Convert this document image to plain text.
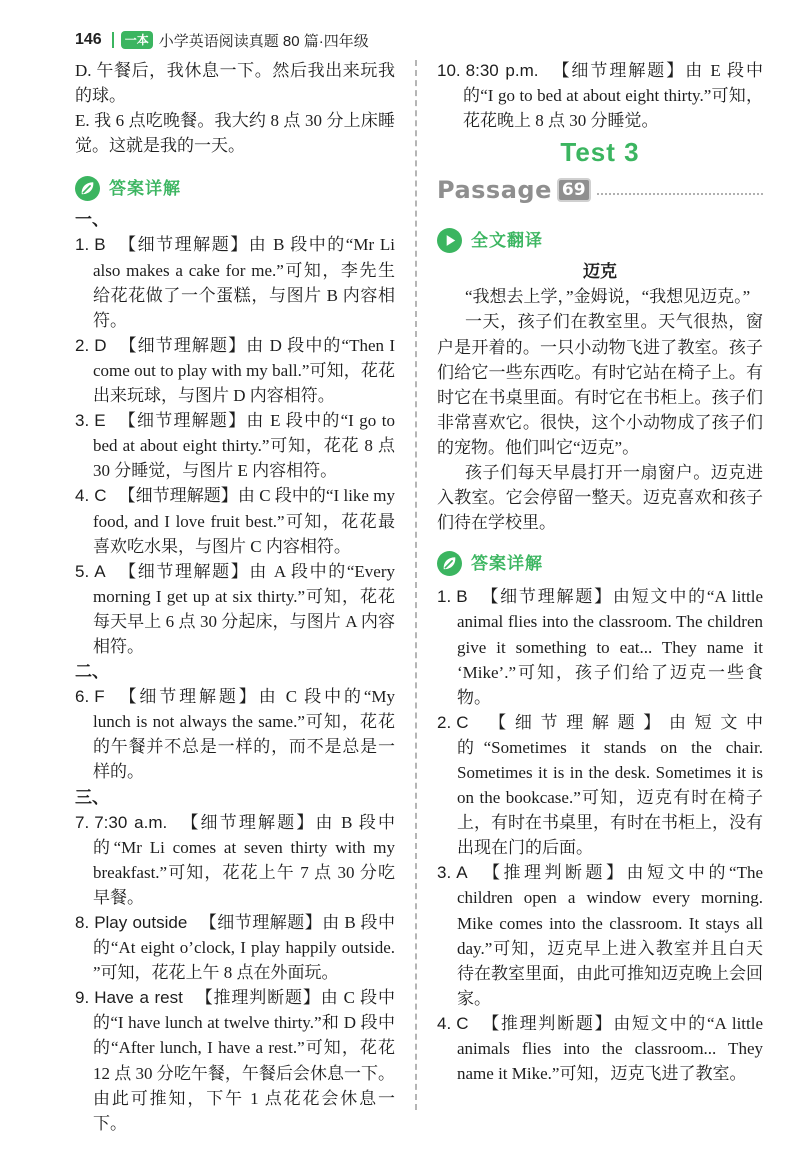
146	一本 小学英语阅读真题 80 篇·四年级

D. 午餐后，我休息一下。然后我出来玩我的球。

E. 我 6 点吃晚餐。我大约 8 点 30 分上床睡觉。这就是我的一天。

答案详解

一、

1. B 【细节理解题】由 B 段中的“Mr Li also makes a cake for me.”可知，李先生给花花做了一个蛋糕，与图片 B 内容相符。

2. D 【细节理解题】由 D 段中的“Then I come out to play with my ball.”可知，花花出来玩球，与图片 D 内容相符。

3. E 【细节理解题】由 E 段中的“I go to bed at about eight thirty.”可知，花花 8 点 30 分睡觉，与图片 E 内容相符。

4. C 【细节理解题】由 C 段中的“I like my food, and I love fruit best.”可知，花花最喜欢吃水果，与图片 C 内容相符。

5. A 【细节理解题】由 A 段中的“Every morning I get up at six thirty.”可知，花花每天早上 6 点 30 分起床，与图片 A 内容相符。

二、

6. F 【细节理解题】由 C 段中的“My lunch is not always the same.”可知，花花的午餐并不总是一样的，而不是总是一样的。

三、

7. 7:30 a.m. 【细节理解题】由 B 段中的“Mr Li comes at seven thirty with my breakfast.”可知，花花上午 7 点 30 分吃早餐。

8. Play outside 【细节理解题】由 B 段中的“At eight o’clock, I play happily outside. ”可知，花花上午 8 点在外面玩。

9. Have a rest 【推理判断题】由 C 段中的“I have lunch at twelve thirty.”和 D 段中的“After lunch, I have a rest.”可知，花花 12 点 30 分吃午餐，午餐后会休息一下。由此可推知，下午 1 点花花会休息一下。

10. 8:30 p.m. 【细节理解题】由 E 段中的“I go to bed at about eight thirty.”可知，花花晚上 8 点 30 分睡觉。

Test 3
Passage 69
全文翻译

迈克

“我想去上学，”金姆说，“我想见迈克。”

一天，孩子们在教室里。天气很热，窗户是开着的。一只小动物飞进了教室。孩子们给它一些东西吃。有时它站在椅子上。有时它在书桌里面。有时它在书柜上。孩子们非常喜欢它。很快，这个小动物成了孩子们的宠物。他们叫它“迈克”。

孩子们每天早晨打开一扇窗户。迈克进入教室。它会停留一整天。迈克喜欢和孩子们待在学校里。

答案详解

1. B 【细节理解题】由短文中的“A little animal flies into the classroom. The children give it something to eat... They name it ‘Mike’.”可知，孩子们给了迈克一些食物。

2. C 【细节理解题】由短文中的“Sometimes it stands on the chair. Sometimes it is in the desk. Sometimes it is on the bookcase.”可知，迈克有时在椅子上，有时在书桌里，有时在书柜上，没有出现在门的后面。

3. A 【推理判断题】由短文中的“The children open a window every morning. Mike comes into the classroom. It stays all day.”可知，迈克早上进入教室并且白天待在教室里面，由此可推知迈克晚上会回家。

4. C 【推理判断题】由短文中的“A little animals flies into the classroom... They name it Mike.”可知，迈克飞进了教室。
